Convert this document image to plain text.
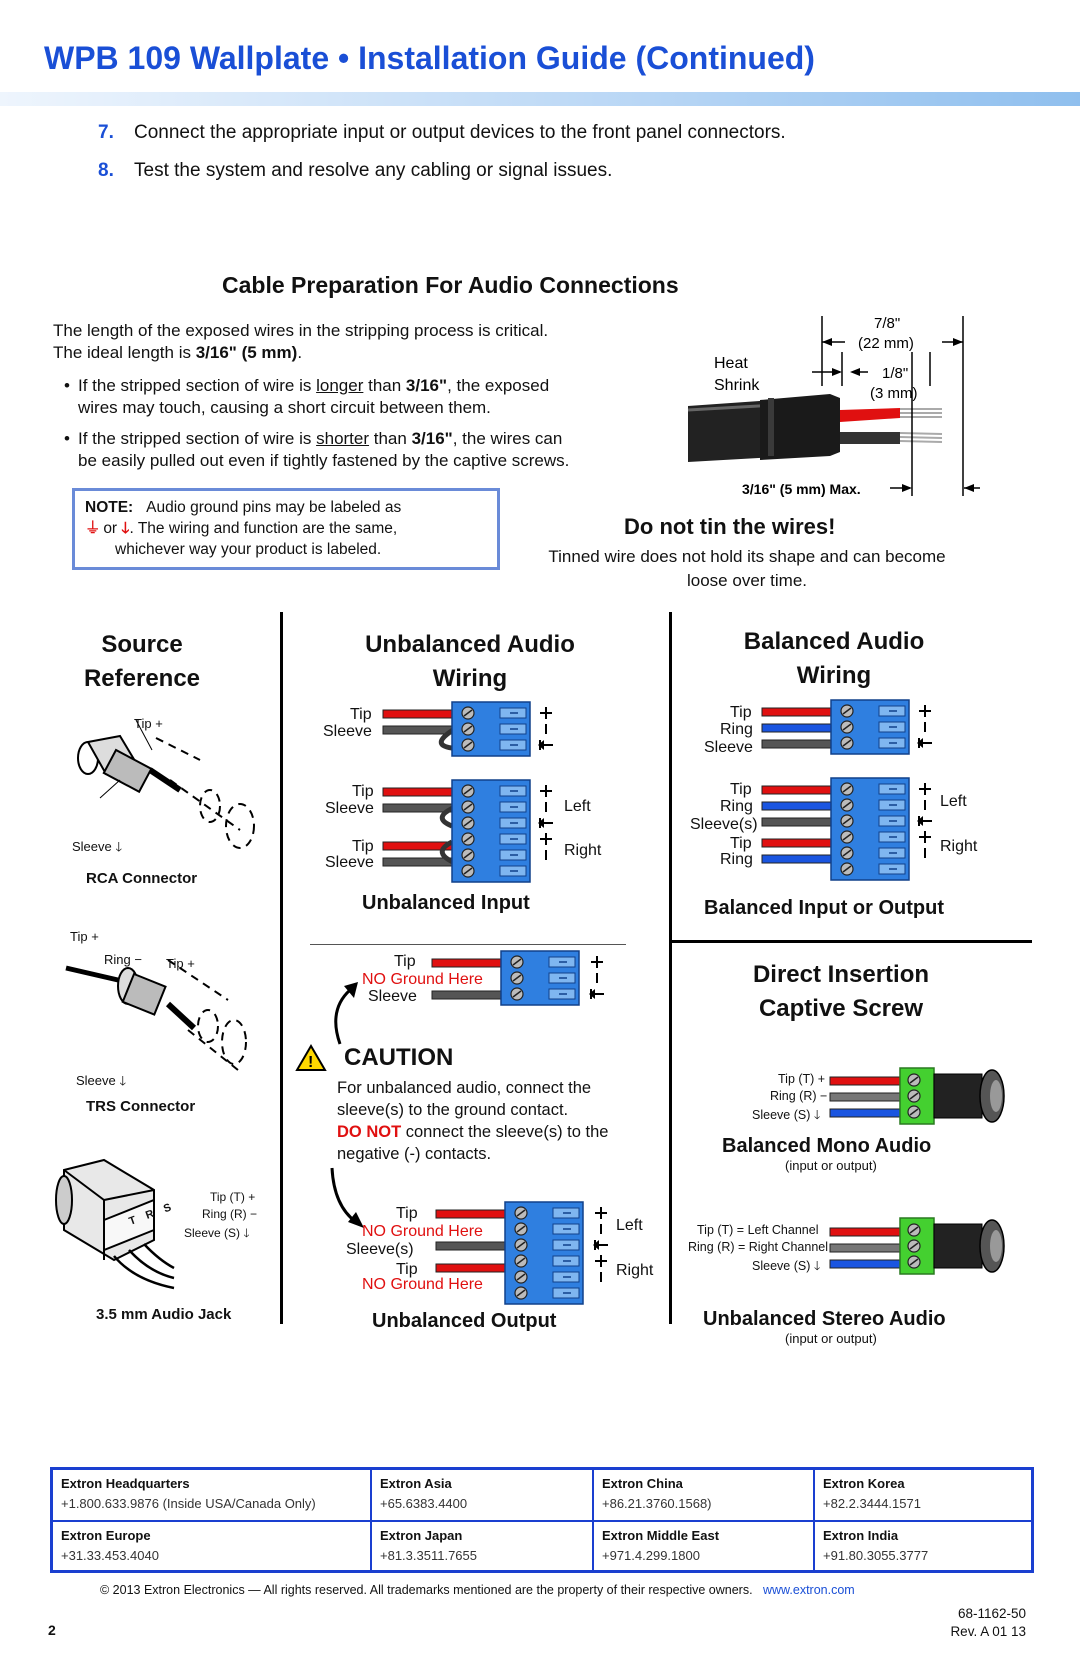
WPB 109 Wallplate • Installation Guide (Continued)
7. Connect the appropriate input or output devices to the front panel connectors.
8. Test the system and resolve any cabling or signal issues.
Cable Preparation For Audio Connections
The length of the exposed wires in the stripping process is critical.
The ideal length is 3/16" (5 mm).
• If the stripped section of wire is longer than 3/16", the exposed
wires may touch, causing a short circuit between them.
• If the stripped section of wire is shorter than 3/16", the wires can
be easily pulled out even if tightly fastened by the captive screws.
NOTE: Audio ground pins may be labeled as
⏚ or 🡓. The wiring and function are the same,
whichever way your product is labeled.
7/8"
(22 mm)
1/8"
(3 mm)
Heat
Shrink
3/16" (5 mm) Max.
Do not tin the wires!
Tinned wire does not hold its shape and can become
loose over time.
Source
Reference
Tip +
Sleeve 🡓
RCA Connector
Tip +
Ring − Tip +
Sleeve 🡓
TRS Connector
T R S
Tip (T) +
Ring (R) −
Sleeve (S) 🡓
3.5 mm Audio Jack
Unbalanced Audio
Wiring
Tip
Sleeve
Tip
Sleeve
Tip
Sleeve
Left
Right
Unbalanced Input
Tip
NO Ground Here
Sleeve
! CAUTION
For unbalanced audio, connect the
sleeve(s) to the ground contact.
DO NOT connect the sleeve(s) to the
negative (-) contacts.
Tip
NO Ground Here
Sleeve(s)
Tip
NO Ground Here
Left
Right
Unbalanced Output
Balanced Audio
Wiring
Tip
Ring
Sleeve
Tip
Ring
Sleeve(s)
Tip
Ring
Left
Right
Balanced Input or Output
Direct Insertion
Captive Screw
Tip (T) +
Ring (R) −
Sleeve (S) 🡓
Balanced Mono Audio
(input or output)
Tip (T) = Left Channel
Ring (R) = Right Channel
Sleeve (S) 🡓
Unbalanced Stereo Audio
(input or output)
Extron Headquarters
+1.800.633.9876 (Inside USA/Canada Only)
Extron Asia
+65.6383.4400
Extron China
+86.21.3760.1568)
Extron Korea
+82.2.3444.1571
Extron Europe
+31.33.453.4040
Extron Japan
+81.3.3511.7655
Extron Middle East
+971.4.299.1800
Extron India
+91.80.3055.3777
© 2013 Extron Electronics — All rights reserved. All trademarks mentioned are the property of their respective owners. www.extron.com
2
68-1162-50
Rev. A 01 13
